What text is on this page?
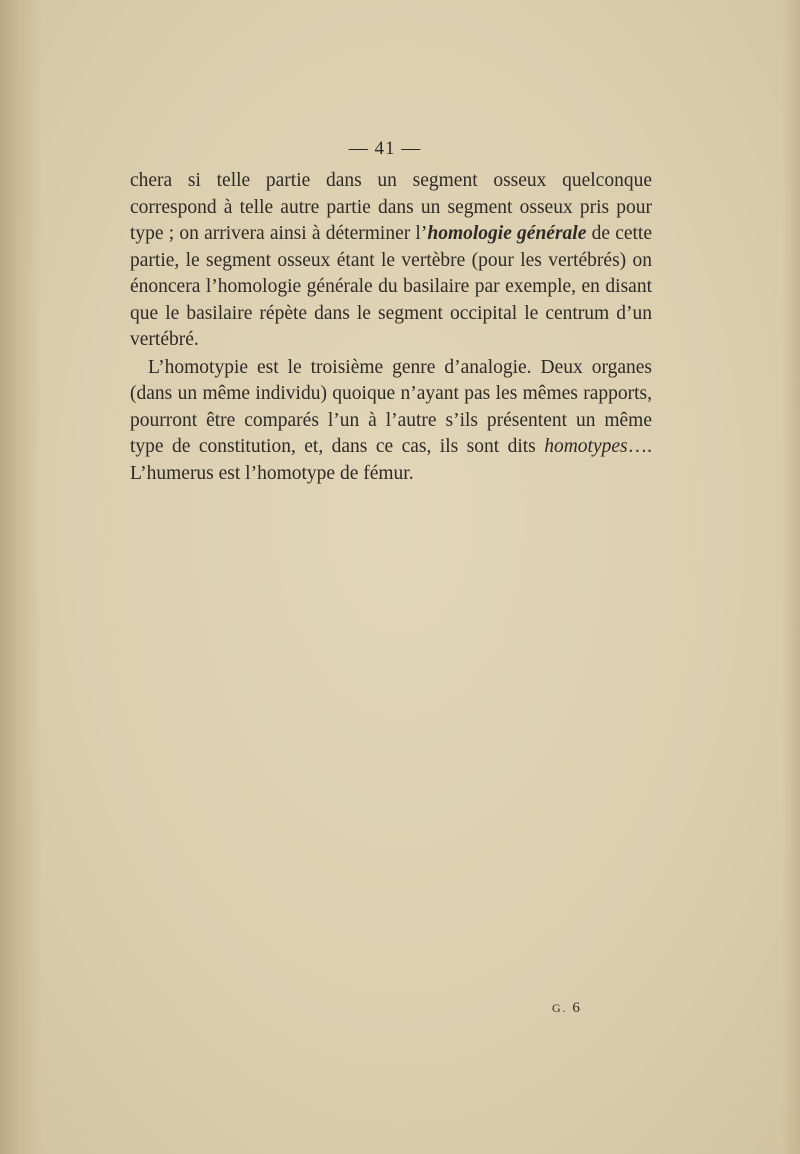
— 41 —

chera si telle partie dans un segment osseux quelconque correspond à telle autre partie dans un segment osseux pris pour type ; on arrivera ainsi à déterminer l’homologie générale de cette partie, le segment osseux étant le vertèbre (pour les vertébrés) on énoncera l’homologie générale du basilaire par exemple, en disant que le basilaire répète dans le segment occipital le centrum d’un vertébré.

L’homotypie est le troisième genre d’analogie. Deux organes (dans un même individu) quoique n’ayant pas les mêmes rapports, pourront être comparés l’un à l’autre s’ils présentent un même type de constitution, et, dans ce cas, ils sont dits homotypes…. L’humerus est l’homotype de fémur.

G. 6
